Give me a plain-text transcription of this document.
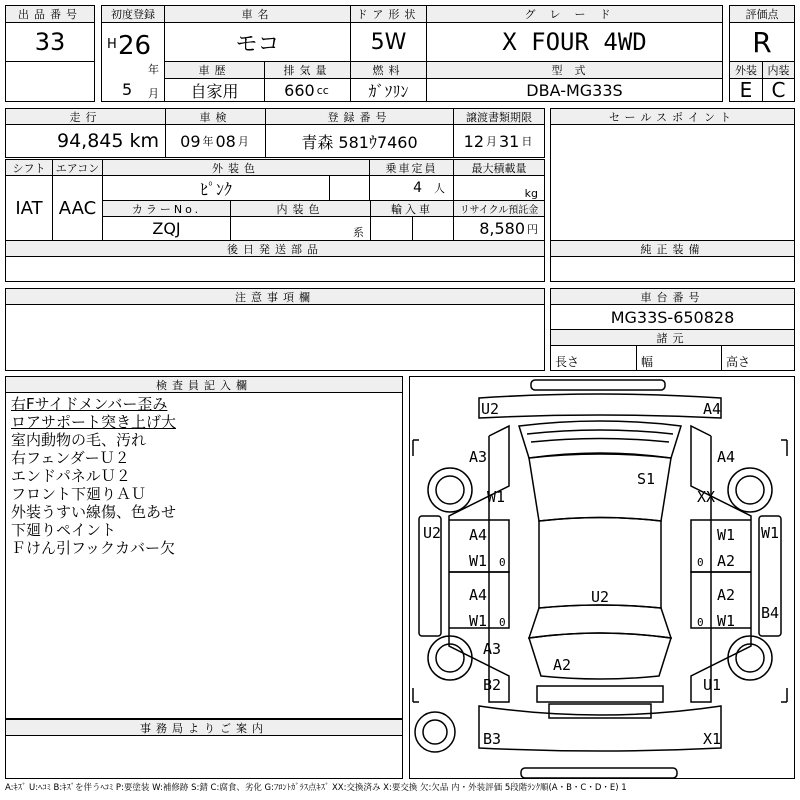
出品番号
33
初度登録
H 26
年
5 月
車名
モコ
ドア形状
5W
グレード
X FOUR 4WD
評価点
R
車歴
自家用
排気量
660 cc
燃料
ｶﾞｿﾘﾝ
型式
DBA-MG33S
外装 内装
E C
走行
94,845 km
車検
09 年 08 月
登録番号
青森 581ｳ7460
譲渡書類期限
12 月 31 日
セールスポイント
シフト
IAT
エアコン
AAC
外装色
ﾋﾟﾝｸ
乗車定員
4 人
最大積載量
kg
カラーNo.
ZQJ
内装色
系
輸入車	リサイクル預託金
8,580 円
後日発送部品	純正装備
注意事項欄	車台番号
MG33S-650828
諸元
長さ	幅	高さ
検査員記入欄
右Fサイドメンバー歪み
ロアサポート突き上げ大
室内動物の毛、汚れ
右フェンダーＵ２
エンドパネルＵ２
フロント下廻りＡＵ
外装うすい線傷、色あせ
下廻りペイント
Ｆけん引フックカバー欠
事務局よりご案内
U2	A4
A3	A4
W1	XX
S1
U2	W1
A4
W1 0
W1
0 A2
A4
W1 0
A2
0 W1
U2
B4
A3
A2
B2	U1
B3	X1
A:ｷｽﾞ U:ﾍｺﾐ B:ｷｽﾞを伴うﾍｺﾐ P:要塗装 W:補修跡 S:錆 C:腐食、劣化 G:ﾌﾛﾝﾄｶﾞﾗｽ点ｷｽﾞ XX:交換済み X:要交換 欠:欠品 内・外装評価 5段階ﾗﾝｸ順(A・B・C・D・E) 1
